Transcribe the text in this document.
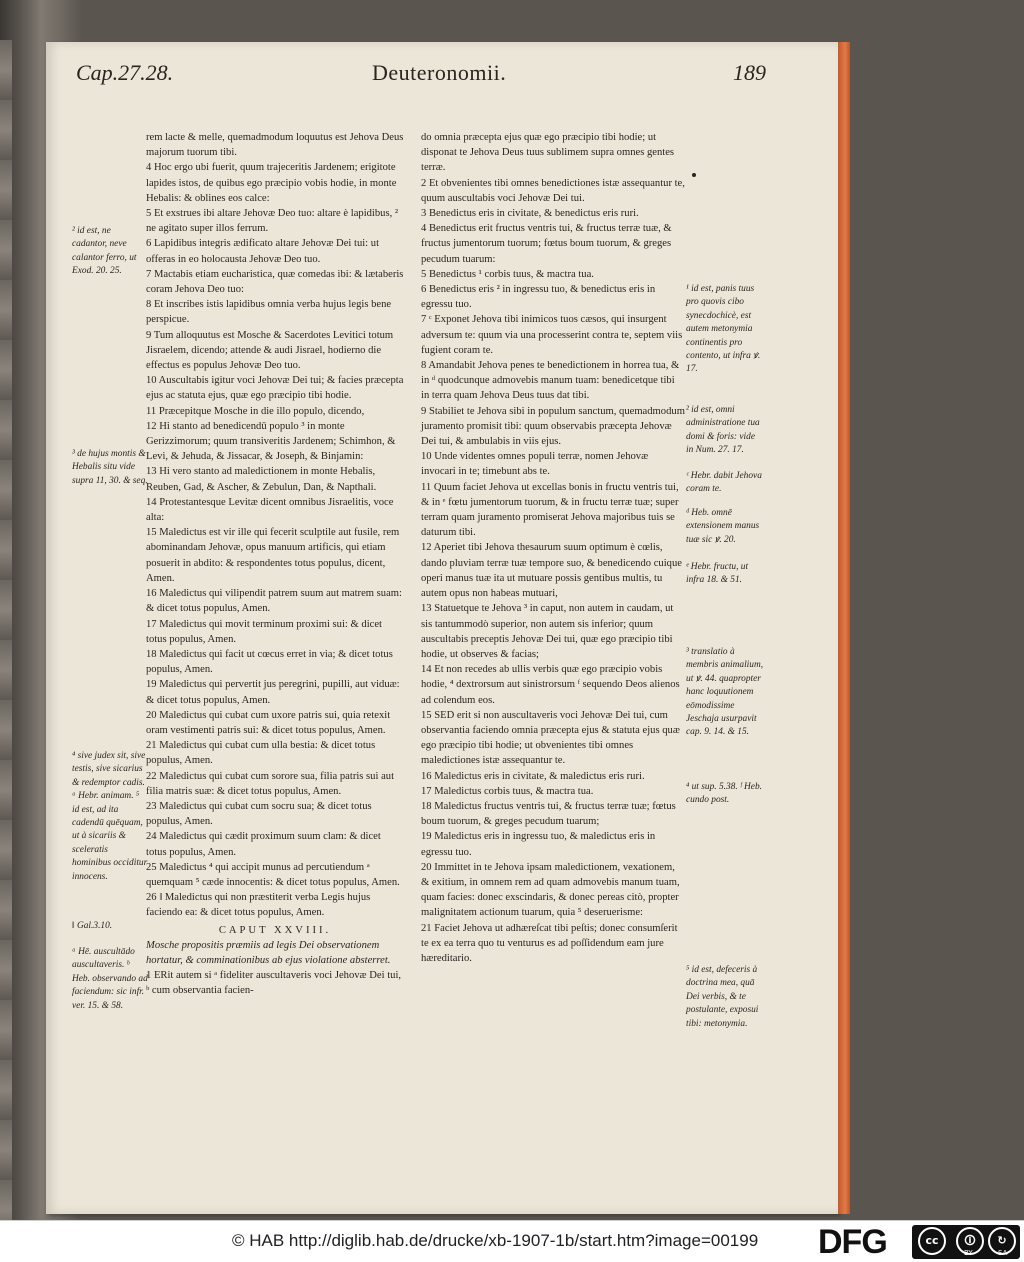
Cap.27.28.	Deuteronomii.	189

rem lacte & melle, quemadmodum loquutus est Jehova Deus majorum tuorum tibi.

4 Hoc ergo ubi fuerit, quum trajeceritis Jardenem; erigitote lapides istos, de quibus ego præcipio vobis hodie, in monte Hebalis: & oblines eos calce:

5 Et exstrues ibi altare Jehovæ Deo tuo: altare è lapidibus, ² ne agitato super illos ferrum.

6 Lapidibus integris ædificato altare Jehovæ Dei tui: ut offeras in eo holocausta Jehovæ Deo tuo.

7 Mactabis etiam eucharistica, quæ comedas ibi: & lætaberis coram Jehova Deo tuo:

8 Et inscribes istis lapidibus omnia verba hujus legis bene perspicue.

9 Tum alloquutus est Mosche & Sacerdotes Levitici totum Jisraelem, dicendo; attende & audi Jisrael, hodierno die effectus es populus Jehovæ Deo tuo.

10 Auscultabis igitur voci Jehovæ Dei tui; & facies præcepta ejus ac statuta ejus, quæ ego præcipio tibi hodie.

11 Præcepitque Mosche in die illo populo, dicendo,

12 Hi stanto ad benedicendū populo ³ in monte Gerizzimorum; quum transiveritis Jardenem; Schimhon, & Levi, & Jehuda, & Jissacar, & Joseph, & Binjamin:

13 Hi vero stanto ad maledictionem in monte Hebalis, Reuben, Gad, & Ascher, & Zebulun, Dan, & Napthali.

14 Protestantesque Levitæ dicent omnibus Jisraelitis, voce alta:

15 Maledictus est vir ille qui fecerit sculptile aut fusile, rem abominandam Jehovæ, opus manuum artificis, qui etiam posuerit in abdito: & respondentes totus populus, dicent, Amen.

16 Maledictus qui vilipendit patrem suum aut matrem suam: & dicet totus populus, Amen.

17 Maledictus qui movit terminum proximi sui: & dicet totus populus, Amen.

18 Maledictus qui facit ut cœcus erret in via; & dicet totus populus, Amen.

19 Maledictus qui pervertit jus peregrini, pupilli, aut viduæ: & dicet totus populus, Amen.

20 Maledictus qui cubat cum uxore patris sui, quia retexit oram vestimenti patris sui: & dicet totus populus, Amen.

21 Maledictus qui cubat cum ulla bestia: & dicet totus populus, Amen.

22 Maledictus qui cubat cum sorore sua, filia patris sui aut filia matris suæ: & dicet totus populus, Amen.

23 Maledictus qui cubat cum socru sua; & dicet totus populus, Amen.

24 Maledictus qui cædit proximum suum clam: & dicet totus populus, Amen.

25 Maledictus ⁴ qui accipit munus ad percutiendum ᵃ quemquam ⁵ cæde innocentis: & dicet totus populus, Amen.

26 ‖ Maledictus qui non præstiterit verba Legis hujus faciendo ea: & dicet totus populus, Amen.

CAPUT XXVIII.

Mosche propositis præmiis ad legis Dei observationem hortatur, & comminationibus ab ejus violatione absterret.

1 ERit autem si ᵃ fideliter auscultaveris voci Jehovæ Dei tui, ᵇ cum observantia facien-

do omnia præcepta ejus quæ ego præcipio tibi hodie; ut disponat te Jehova Deus tuus sublimem supra omnes gentes terræ.

2 Et obvenientes tibi omnes benedictiones istæ assequantur te, quum auscultabis voci Jehovæ Dei tui.

3 Benedictus eris in civitate, & benedictus eris ruri.

4 Benedictus erit fructus ventris tui, & fructus terræ tuæ, & fructus jumentorum tuorum; fœtus boum tuorum, & greges pecudum tuarum:

5 Benedictus ¹ corbis tuus, & mactra tua.

6 Benedictus eris ² in ingressu tuo, & benedictus eris in egressu tuo.

7 ᶜ Exponet Jehova tibi inimicos tuos cæsos, qui insurgent adversum te: quum via una processerint contra te, septem viis fugient coram te.

8 Amandabit Jehova penes te benedictionem in horrea tua, & in ᵈ quodcunque admovebis manum tuam: benedicetque tibi in terra quam Jehova Deus tuus dat tibi.

9 Stabiliet te Jehova sibi in populum sanctum, quemadmodum juramento promisit tibi: quum observabis præcepta Jehovæ Dei tui, & ambulabis in viis ejus.

10 Unde videntes omnes populi terræ, nomen Jehovæ invocari in te; timebunt abs te.

11 Quum faciet Jehova ut excellas bonis in fructu ventris tui, & in ᵉ fœtu jumentorum tuorum, & in fructu terræ tuæ; super terram quam juramento promiserat Jehova majoribus tuis se daturum tibi.

12 Aperiet tibi Jehova thesaurum suum optimum è cœlis, dando pluviam terræ tuæ tempore suo, & benedicendo cuique operi manus tuæ ita ut mutuare possis gentibus multis, tu autem opus non habeas mutuari,

13 Statuetque te Jehova ³ in caput, non autem in caudam, ut sis tantummodò superior, non autem sis inferior; quum auscultabis preceptis Jehovæ Dei tui, quæ ego præcipio tibi hodie, ut observes & facias;

14 Et non recedes ab ullis verbis quæ ego præcipio vobis hodie, ⁴ dextrorsum aut sinistrorsum ᶠ sequendo Deos alienos ad colendum eos.

15 SED erit si non auscultaveris voci Jehovæ Dei tui, cum observantia faciendo omnia præcepta ejus & statuta ejus quæ ego præcipio tibi hodie; ut obvenientes tibi omnes maledictiones istæ assequantur te.

16 Maledictus eris in civitate, & maledictus eris ruri.

17 Maledictus corbis tuus, & mactra tua.

18 Maledictus fructus ventris tui, & fructus terræ tuæ; fœtus boum tuorum, & greges pecudum tuarum;

19 Maledictus eris in ingressu tuo, & maledictus eris in egressu tuo.

20 Immittet in te Jehova ipsam maledictionem, vexationem, & exitium, in omnem rem ad quam admovebis manum tuam, quam facies: donec exscindaris, & donec pereas citò, propter malignitatem actionum tuarum, quia ⁵ deseruerisme:

21 Faciet Jehova ut adhæreſcat tibi peſtis; donec consumſerit te ex ea terra quo tu venturus es ad poſſidendum eam jure hæreditario.

² id est, ne cadantor, neve calantor ferro, ut Exod. 20. 25.
³ de hujus montis & Hebalis situ vide supra 11, 30. & seq.
⁴ sive judex sit, sive testis, sive sicarius & redemptor cadis. ᵃ Hebr. animam. ⁵ id est, ad ita cadendū quēquam, ut à sicariis & sceleratis hominibus occiditur innocens.
‖ Gal.3.10.
ᵃ Hē. auscultādo auscultaveris. ᵇ Heb. observando ad faciendum: sic infr. ver. 15. & 58.
¹ id est, panis tuus pro quovis cibo synecdochicè, est autem metonymia continentis pro contento, ut infra ꝟ. 17.
² id est, omni administratione tua domi & foris: vide in Num. 27. 17.
ᶜ Hebr. dabit Jehova coram te.
ᵈ Heb. omnē extensionem manus tuæ sic ꝟ. 20.
ᵉ Hebr. fructu, ut infra 18. & 51.
³ translatio à membris animalium, ut ꝟ. 44. quapropter hanc loquutionem eōmodissime Jeschaja usurpavit cap. 9. 14. & 15.
⁴ ut sup. 5.38. ᶠ Heb. cundo post.
⁵ id est, defeceris à doctrina mea, quā Dei verbis, & te postulante, exposui tibi: metonymia.
© HAB http://diglib.hab.de/drucke/xb-1907-1b/start.htm?image=00199 DFG	cc	🛈	↻
BY	SA
